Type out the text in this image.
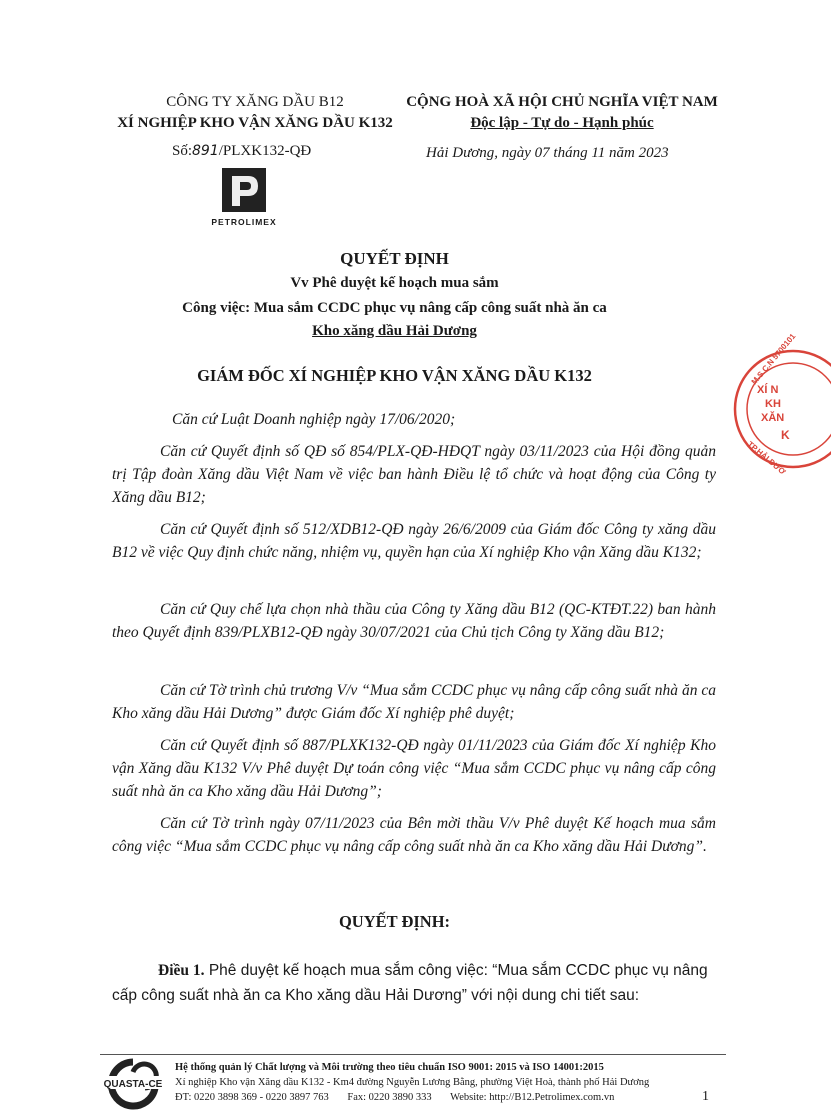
CÔNG TY XĂNG DẦU B12
XÍ NGHIỆP KHO VẬN XĂNG DẦU K132
Số:891/PLXK132-QĐ
CỘNG HOÀ XÃ HỘI CHỦ NGHĨA VIỆT NAM
Độc lập - Tự do - Hạnh phúc
Hải Dương, ngày 07 tháng 11 năm 2023
PETROLIMEX
QUYẾT ĐỊNH
Vv Phê duyệt kế hoạch mua sắm
Công việc: Mua sắm CCDC phục vụ nâng cấp công suất nhà ăn ca
Kho xăng dầu Hải Dương
GIÁM ĐỐC XÍ NGHIỆP KHO VẬN XĂNG DẦU K132

Căn cứ Luật Doanh nghiệp ngày 17/06/2020;

Căn cứ Quyết định số QĐ số 854/PLX-QĐ-HĐQT ngày 03/11/2023 của Hội đồng quản trị Tập đoàn Xăng dầu Việt Nam về việc ban hành Điều lệ tổ chức và hoạt động của Công ty Xăng dầu B12;

Căn cứ Quyết định số 512/XDB12-QĐ ngày 26/6/2009 của Giám đốc Công ty xăng dầu B12 về việc Quy định chức năng, nhiệm vụ, quyền hạn của Xí nghiệp Kho vận Xăng dầu K132;

Căn cứ Quy chế lựa chọn nhà thầu của Công ty Xăng dầu B12 (QC-KTĐT.22) ban hành theo Quyết định 839/PLXB12-QĐ ngày 30/07/2021 của Chủ tịch Công ty Xăng dầu B12;

Căn cứ Tờ trình chủ trương V/v “Mua sắm CCDC phục vụ nâng cấp công suất nhà ăn ca Kho xăng dầu Hải Dương” được Giám đốc Xí nghiệp phê duyệt;

Căn cứ Quyết định số 887/PLXK132-QĐ ngày 01/11/2023 của Giám đốc Xí nghiệp Kho vận Xăng dầu K132 V/v Phê duyệt Dự toán công việc “Mua sắm CCDC phục vụ nâng cấp công suất nhà ăn ca Kho xăng dầu Hải Dương”;

Căn cứ Tờ trình ngày 07/11/2023 của Bên mời thầu V/v Phê duyệt Kế hoạch mua sắm công việc “Mua sắm CCDC phục vụ nâng cấp công suất nhà ăn ca Kho xăng dầu Hải Dương”.

QUYẾT ĐỊNH:
Điều 1. Phê duyệt kế hoạch mua sắm công việc: “Mua sắm CCDC phục vụ nâng cấp công suất nhà ăn ca Kho xăng dầu Hải Dương” với nội dung chi tiết sau:
M.S.C.N 5700101
XÍ N
KH
XĂN
K
TP.HẢI DƯƠ
QUASTA-CE
Hệ thống quản lý Chất lượng và Môi trường theo tiêu chuẩn ISO 9001: 2015 và ISO 14001:2015
Xí nghiệp Kho vận Xăng dầu K132 - Km4 đường Nguyễn Lương Bằng, phường Việt Hoà, thành phố Hải Dương
ĐT: 0220 3898 369 - 0220 3897 763 Fax: 0220 3890 333 Website: http://B12.Petrolimex.com.vn	1
